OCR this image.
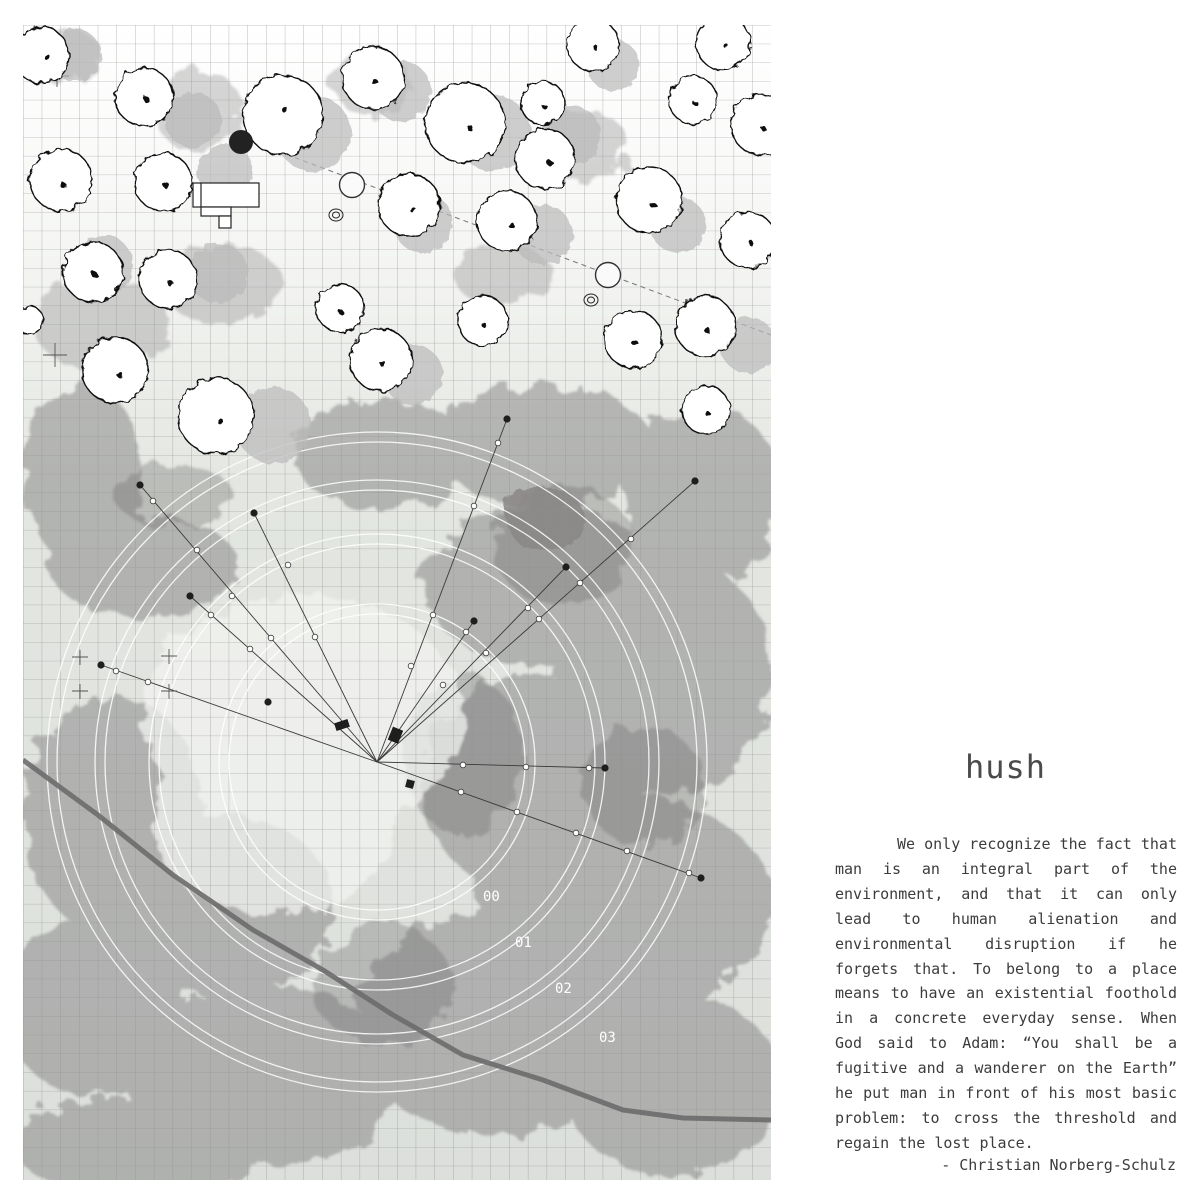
00
01
02
03
hush

We only recognize the fact that man is an integral part of the environment, and that it can only lead to human alienation and environmental disruption if he forgets that. To belong to a place means to have an existential foothold in a concrete everyday sense. When God said to Adam: “You shall be a fugitive and a wanderer on the Earth” he put man in front of his most basic problem: to cross the threshold and regain the lost place.

- Christian Norberg-Schulz
